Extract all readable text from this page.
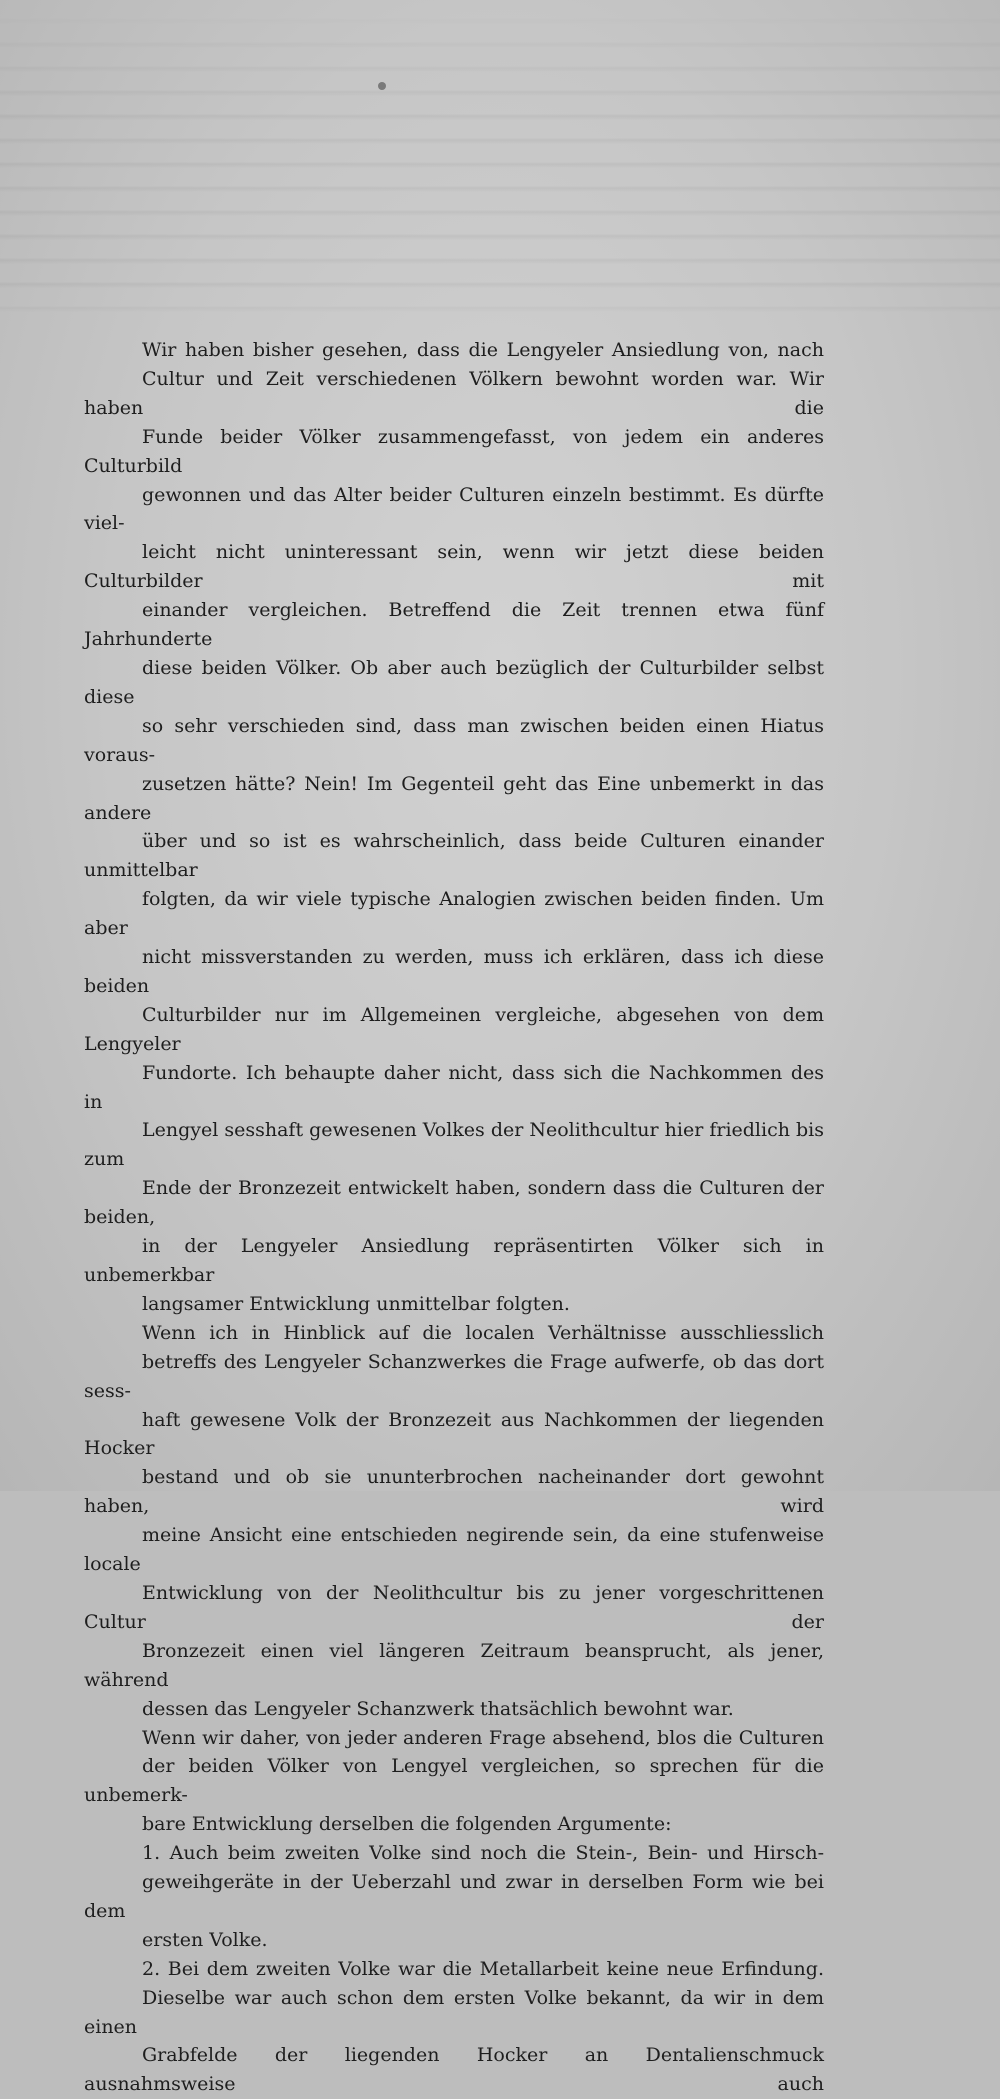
Wir haben bisher gesehen, dass die Lengyeler Ansiedlung von, nach
Cultur und Zeit verschiedenen Völkern bewohnt worden war. Wir haben die
Funde beider Völker zusammengefasst, von jedem ein anderes Culturbild
gewonnen und das Alter beider Culturen einzeln bestimmt. Es dürfte viel-
leicht nicht uninteressant sein, wenn wir jetzt diese beiden Culturbilder mit
einander vergleichen. Betreffend die Zeit trennen etwa fünf Jahrhunderte
diese beiden Völker. Ob aber auch bezüglich der Culturbilder selbst diese
so sehr verschieden sind, dass man zwischen beiden einen Hiatus voraus-
zusetzen hätte? Nein! Im Gegenteil geht das Eine unbemerkt in das andere
über und so ist es wahrscheinlich, dass beide Culturen einander unmittelbar
folgten, da wir viele typische Analogien zwischen beiden finden. Um aber
nicht missverstanden zu werden, muss ich erklären, dass ich diese beiden
Culturbilder nur im Allgemeinen vergleiche, abgesehen von dem Lengyeler
Fundorte. Ich behaupte daher nicht, dass sich die Nachkommen des in
Lengyel sesshaft gewesenen Volkes der Neolithcultur hier friedlich bis zum
Ende der Bronzezeit entwickelt haben, sondern dass die Culturen der beiden,
in der Lengyeler Ansiedlung repräsentirten Völker sich in unbemerkbar
langsamer Entwicklung unmittelbar folgten.

Wenn ich in Hinblick auf die localen Verhältnisse ausschliesslich
betreffs des Lengyeler Schanzwerkes die Frage aufwerfe, ob das dort sess-
haft gewesene Volk der Bronzezeit aus Nachkommen der liegenden Hocker
bestand und ob sie ununterbrochen nacheinander dort gewohnt haben, wird
meine Ansicht eine entschieden negirende sein, da eine stufenweise locale
Entwicklung von der Neolithcultur bis zu jener vorgeschrittenen Cultur der
Bronzezeit einen viel längeren Zeitraum beansprucht, als jener, während
dessen das Lengyeler Schanzwerk thatsächlich bewohnt war.

Wenn wir daher, von jeder anderen Frage absehend, blos die Culturen
der beiden Völker von Lengyel vergleichen, so sprechen für die unbemerk-
bare Entwicklung derselben die folgenden Argumente:

1. Auch beim zweiten Volke sind noch die Stein-, Bein- und Hirsch-
geweihgeräte in der Ueberzahl und zwar in derselben Form wie bei dem
ersten Volke.

2. Bei dem zweiten Volke war die Metallarbeit keine neue Erfindung.
Dieselbe war auch schon dem ersten Volke bekannt, da wir in dem einen
Grabfelde der liegenden Hocker an Dentalienschmuck ausnahmsweise auch
